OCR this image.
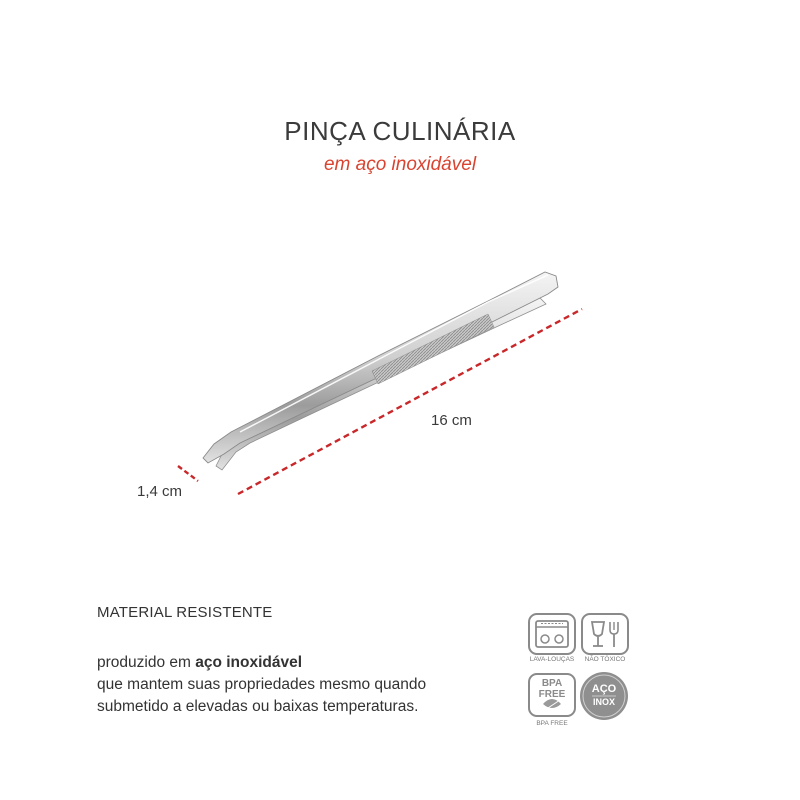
PINÇA CULINÁRIA
em aço inoxidável
16 cm
1,4 cm
MATERIAL RESISTENTE
produzido em aço inoxidável
que mantem suas propriedades mesmo quando
submetido a elevadas ou baixas temperaturas.
LAVA-LOUÇAS	NÃO TÓXICO
BPA
FREE
BPA FREE
AÇO
INOX
